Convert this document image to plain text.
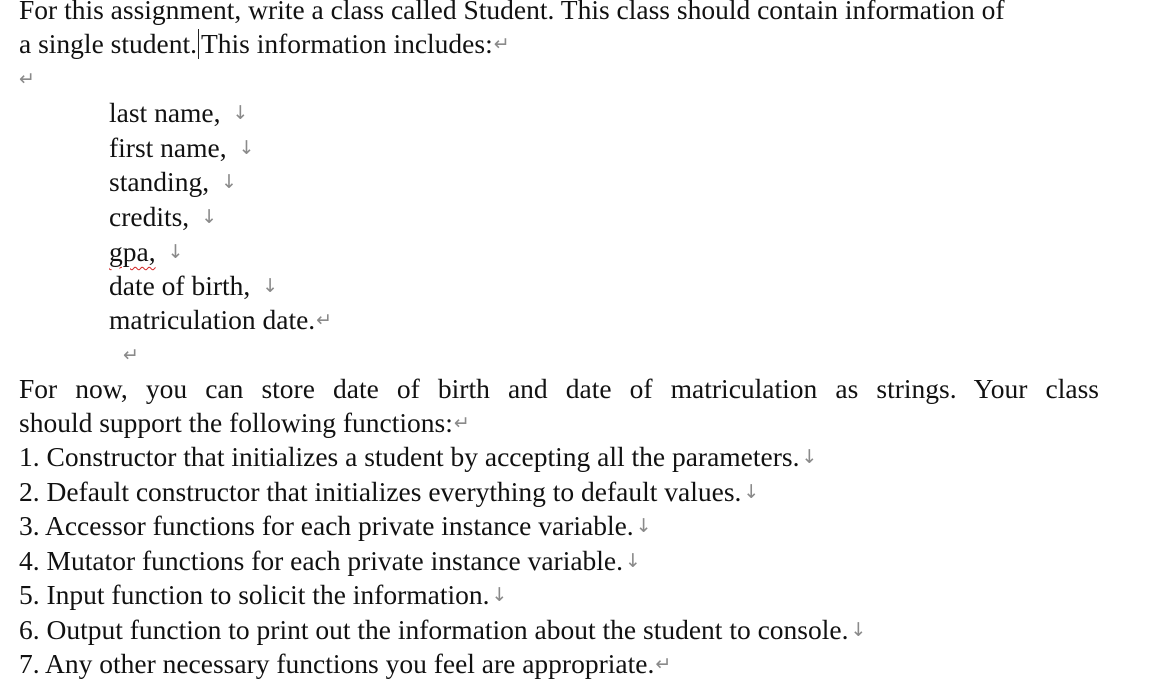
For this assignment, write a class called Student. This class should contain information of
a single student. This information includes:↵
↵
last name, ↓
first name, ↓
standing, ↓
credits, ↓
gpa, ↓
date of birth, ↓
matriculation date.↵
↵
For now, you can store date of birth and date of matriculation as strings. Your class
should support the following functions:↵
1. Constructor that initializes a student by accepting all the parameters. ↓
2. Default constructor that initializes everything to default values. ↓
3. Accessor functions for each private instance variable. ↓
4. Mutator functions for each private instance variable. ↓
5. Input function to solicit the information. ↓
6. Output function to print out the information about the student to console. ↓
7. Any other necessary functions you feel are appropriate.↵
